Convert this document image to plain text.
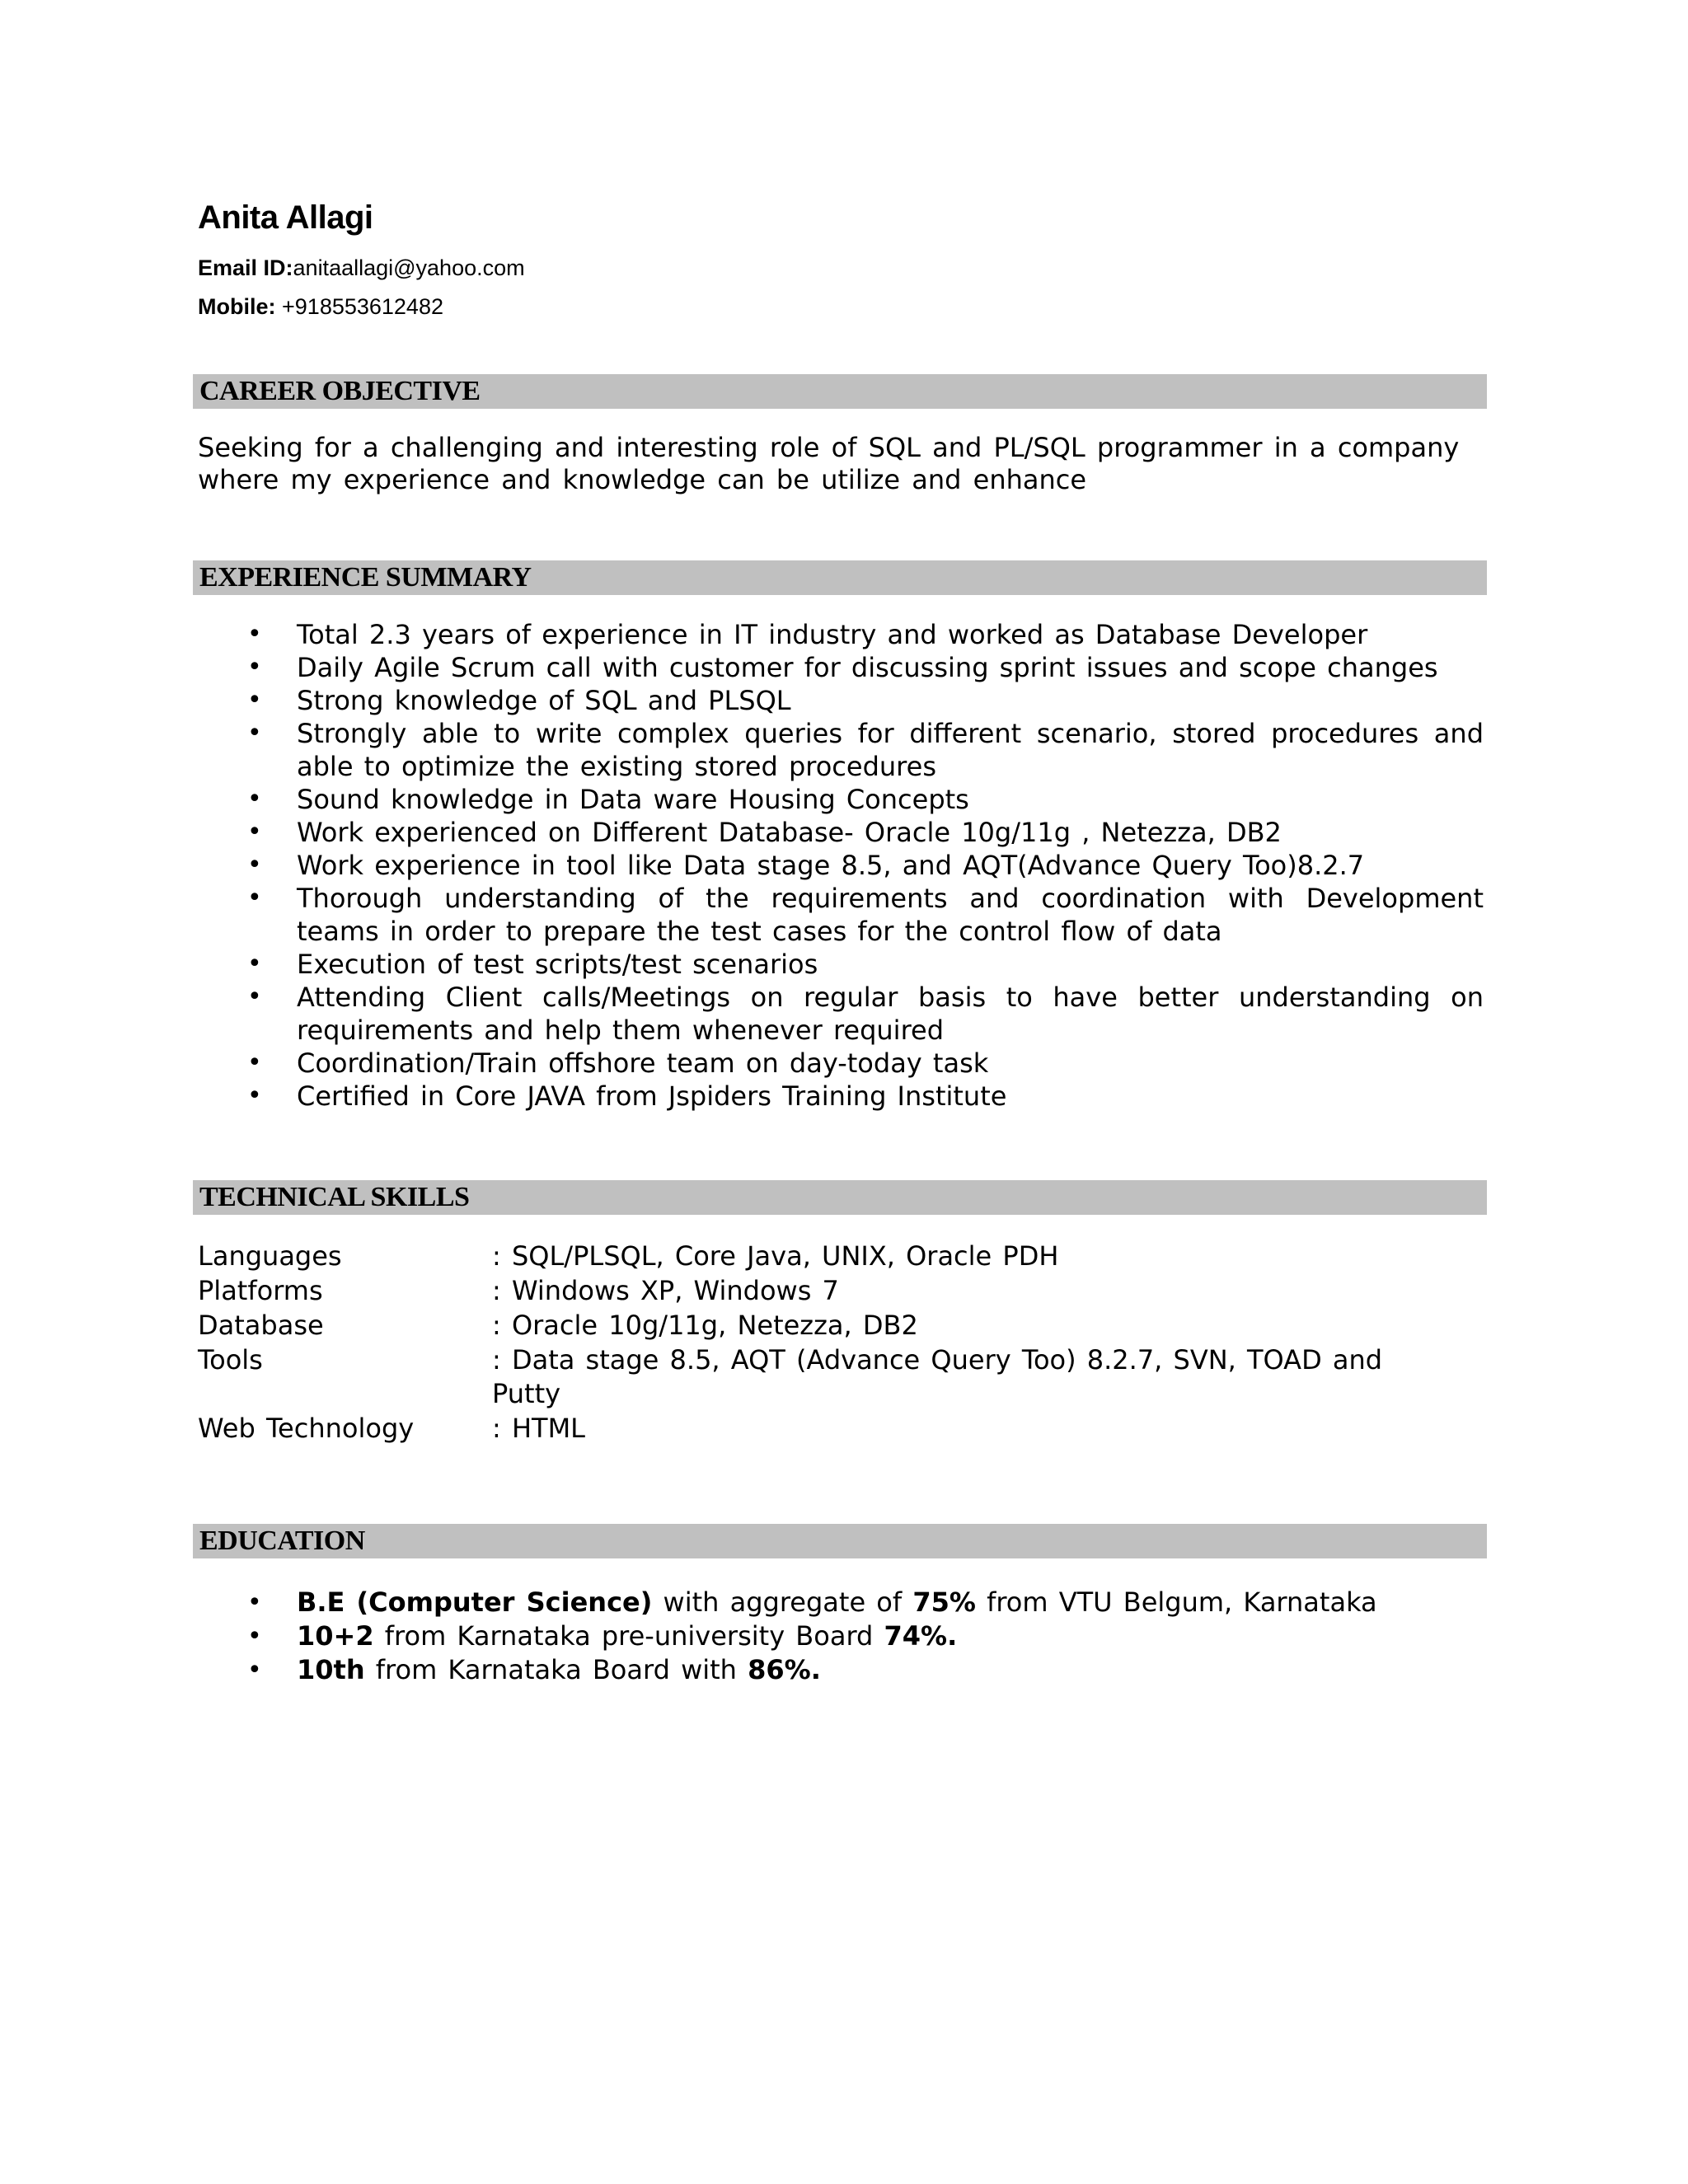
Anita Allagi
Email ID:anitaallagi@yahoo.com
Mobile: +918553612482
CAREER OBJECTIVE
Seeking for a challenging and interesting role of SQL and PL/SQL programmer in a company where my experience and knowledge can be utilize and enhance
EXPERIENCE SUMMARY
• Total 2.3 years of experience in IT industry and worked as Database Developer
• Daily Agile Scrum call with customer for discussing sprint issues and scope changes
• Strong knowledge of SQL and PLSQL
• Strongly able to write complex queries for different scenario, stored procedures and able to optimize the existing stored procedures
• Sound knowledge in Data ware Housing Concepts
• Work experienced on Different Database- Oracle 10g/11g , Netezza, DB2
• Work experience in tool like Data stage 8.5, and AQT(Advance Query Too)8.2.7
• Thorough understanding of the requirements and coordination with Development teams in order to prepare the test cases for the control flow of data
• Execution of test scripts/test scenarios
• Attending Client calls/Meetings on regular basis to have better understanding on requirements and help them whenever required
• Coordination/Train offshore team on day-today task
• Certified in Core JAVA from Jspiders Training Institute
TECHNICAL SKILLS
Languages	: SQL/PLSQL, Core Java, UNIX, Oracle PDH
Platforms	: Windows XP, Windows 7
Database	: Oracle 10g/11g, Netezza, DB2
Tools	: Data stage 8.5, AQT (Advance Query Too) 8.2.7, SVN, TOAD and Putty
Web Technology	: HTML
EDUCATION
• B.E (Computer Science) with aggregate of 75% from VTU Belgum, Karnataka
• 10+2 from Karnataka pre-university Board 74%.
• 10th from Karnataka Board with 86%.
